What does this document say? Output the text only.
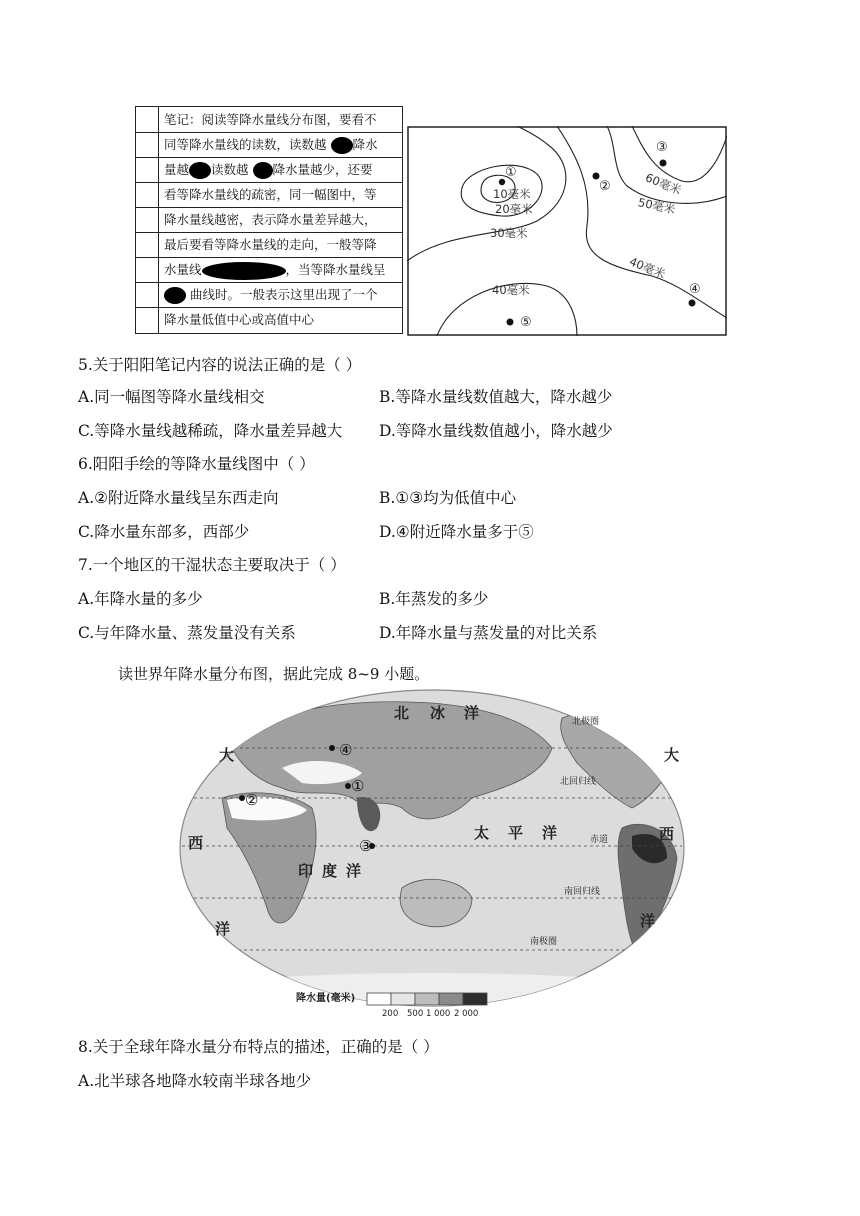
笔记：阅读等降水量线分布图，要看不
同等降水量线的读数，读数越 降水
量越 读数越 降水量越少，还要
看等降水量线的疏密，同一幅图中，等
降水量线越密，表示降水量差异越大，
最后要看等降水量线的走向，一般等降
水量线	，当等降水量线呈
曲线时。一般表示这里出现了一个
降水量低值中心或高值中心
10毫米
20毫米
30毫米
40毫米
40毫米
50毫米
60毫米
①
②
③
④
⑤
5.关于阳阳笔记内容的说法正确的是（ ）
A.同一幅图等降水量线相交	B.等降水量线数值越大，降水越少
C.等降水量线越稀疏，降水量差异越大 D.等降水量线数值越小，降水越少
6.阳阳手绘的等降水量线图中（ ）
A.②附近降水量线呈东西走向	B.①③均为低值中心
C.降水量东部多，西部少	D.④附近降水量多于⑤
7.一个地区的干湿状态主要取决于（ ）
A.年降水量的多少	B.年蒸发的多少
C.与年降水量、蒸发量没有关系	D.年降水量与蒸发量的对比关系
读世界年降水量分布图，据此完成 8~9 小题。
北 冰 洋
太 平 洋
印 度 洋
大
西
洋
大
西
洋
北极圈
北回归线
赤道
南回归线
南极圈
①
②
③
④
降水量(毫米)
200 500 1 000 2 000
8.关于全球年降水量分布特点的描述，正确的是（ ）
A.北半球各地降水较南半球各地少
